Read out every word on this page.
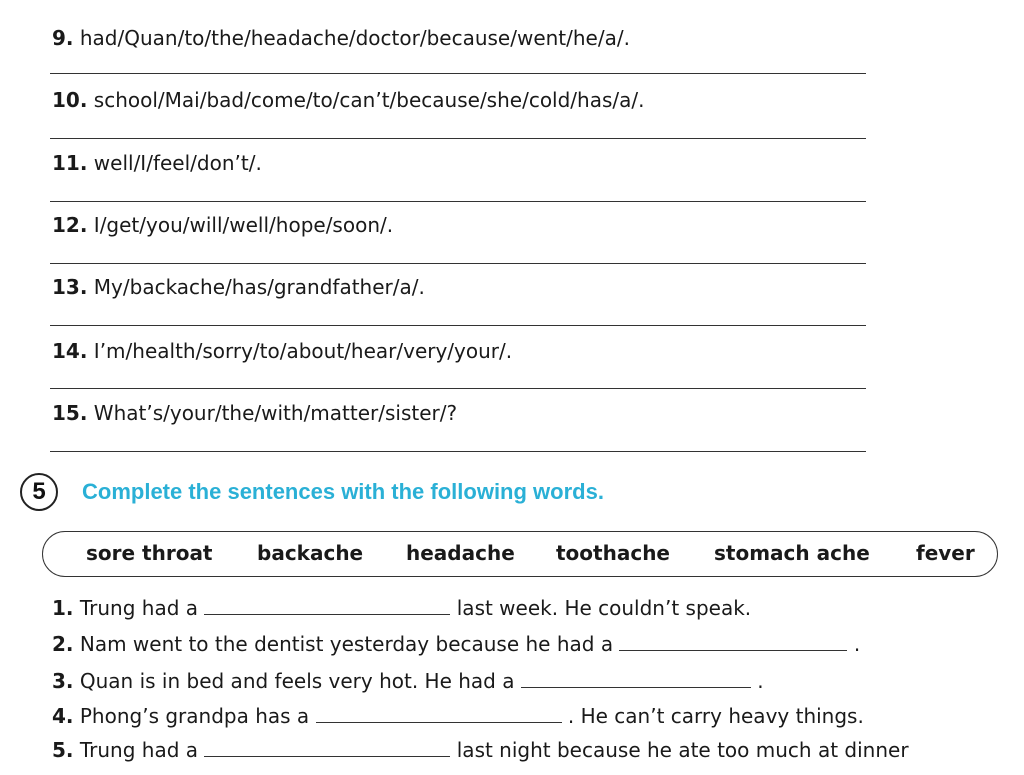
9. had/Quan/to/the/headache/doctor/because/went/he/a/.
10. school/Mai/bad/come/to/can’t/because/she/cold/has/a/.
11. well/I/feel/don’t/.
12. I/get/you/will/well/hope/soon/.
13. My/backache/has/grandfather/a/.
14. I’m/health/sorry/to/about/hear/very/your/.
15. What’s/your/the/with/matter/sister/?
5	Complete the sentences with the following words.
sore throat backache headache toothache stomach ache fever
1. Trung had a	last week. He couldn’t speak.
2. Nam went to the dentist yesterday because he had a	.
3. Quan is in bed and feels very hot. He had a	.
4. Phong’s grandpa has a	. He can’t carry heavy things.
5. Trung had a	last night because he ate too much at dinner
